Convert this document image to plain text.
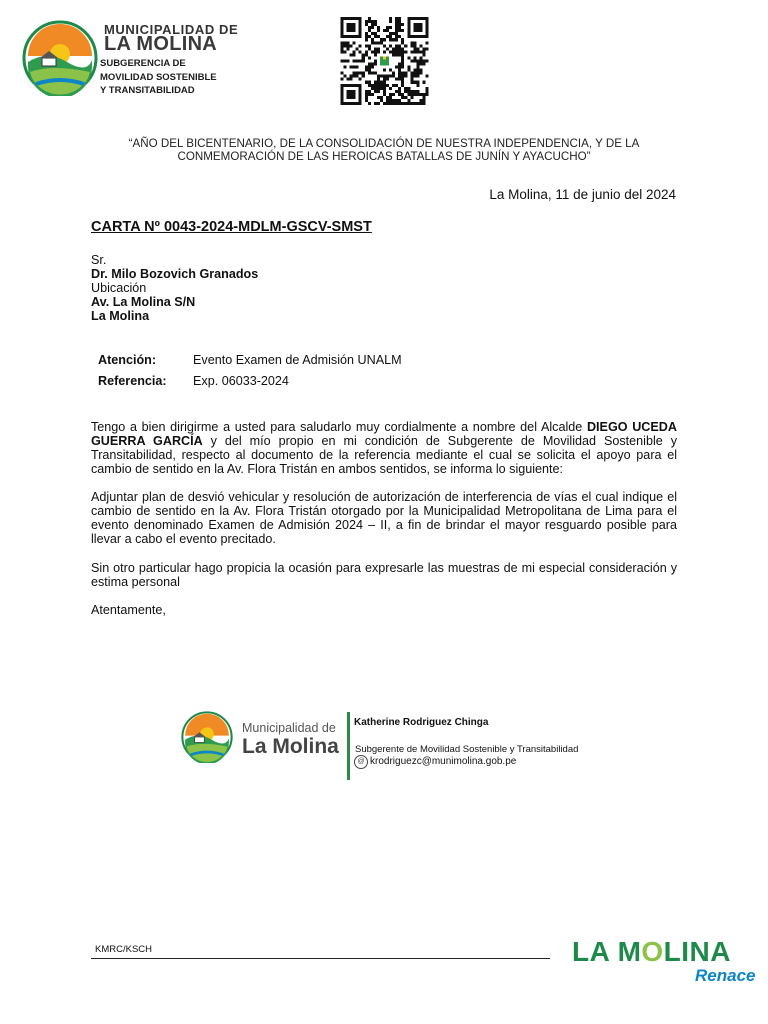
MUNICIPALIDAD DE
LA MOLINA
SUBGERENCIA DE
MOVILIDAD SOSTENIBLE
Y TRANSITABILIDAD
“AÑO DEL BICENTENARIO, DE LA CONSOLIDACIÓN DE NUESTRA INDEPENDENCIA, Y DE LA
CONMEMORACIÓN DE LAS HEROICAS BATALLAS DE JUNÍN Y AYACUCHO”
La Molina, 11 de junio del 2024
CARTA Nº 0043-2024-MDLM-GSCV-SMST
Sr.
Dr. Milo Bozovich Granados
Ubicación
Av. La Molina S/N
La Molina
Atención:	Evento Examen de Admisión UNALM
Referencia:	Exp. 06033-2024
Tengo a bien dirigirme a usted para saludarlo muy cordialmente a nombre del Alcalde DIEGO UCEDA GUERRA GARCÍA y del mío propio en mi condición de Subgerente de Movilidad Sostenible y Transitabilidad, respecto al documento de la referencia mediante el cual se solicita el apoyo para el cambio de sentido en la Av. Flora Tristán en ambos sentidos, se informa lo siguiente:
Adjuntar plan de desvió vehicular y resolución de autorización de interferencia de vías el cual indique el cambio de sentido en la Av. Flora Tristán otorgado por la Municipalidad Metropolitana de Lima para el evento denominado Examen de Admisión 2024 – II, a fin de brindar el mayor resguardo posible para llevar a cabo el evento precitado.
Sin otro particular hago propicia la ocasión para expresarle las muestras de mi especial consideración y estima personal
Atentamente,
Municipalidad de
La Molina
Katherine Rodriguez Chinga
Subgerente de Movilidad Sostenible y Transitabilidad
@ krodriguezc@munimolina.gob.pe
KMRC/KSCH	LA MOLINA
Renace
